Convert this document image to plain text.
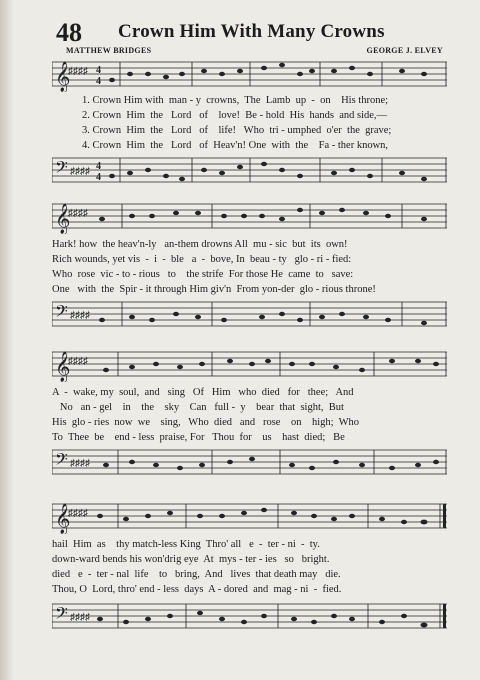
48 Crown Him With Many Crowns
MATTHEW BRIDGES	GEORGE J. ELVEY
𝄞
♯♯♯♯ 4
4
1. Crown Him with  man - y  crowns,  The  Lamb  up  -  on    His throne;
2. Crown  Him  the   Lord   of    love!  Be - hold  His  hands  and side,—
3. Crown  Him  the   Lord   of    life!   Who  tri - umphed  o'er  the  grave;
4. Crown  Him  the   Lord   of  Heav'n! One  with  the    Fa - ther known,
𝄢 ♯♯♯♯ 4
4
𝄞
♯♯♯♯
Hark! how  the heav'n-ly   an-them drowns All  mu - sic  but  its  own!
Rich wounds, yet vis  -  i  -  ble   a  -  bove, In  beau - ty   glo - ri - fied:
Who  rose  vic - to - rious   to    the strife  For those He  came  to   save:
One   with  the  Spir - it through Him giv'n  From yon-der  glo - rious throne!
𝄢 ♯♯♯♯
𝄞
♯♯♯♯
A  -  wake, my  soul,  and   sing   Of   Him   who  died   for   thee;   And
No   an - gel    in    the    sky    Can   full -  y    bear  that  sight,  But
His  glo - ries  now  we    sing,   Who  died   and   rose    on    high;  Who
To  Thee  be    end - less  praise, For   Thou  for    us    hast  died;   Be
𝄢 ♯♯♯♯
𝄞
♯♯♯♯
hail  Him  as    thy match-less King  Thro' all   e  -  ter - ni  -  ty.
down-ward bends his won'drig eye  At  mys - ter - ies   so   bright.
died   e  -  ter - nal  life    to   bring,  And   lives  that death may   die.
Thou, O  Lord, thro' end - less  days  A - dored  and  mag - ni  -  fied.
𝄢 ♯♯♯♯
